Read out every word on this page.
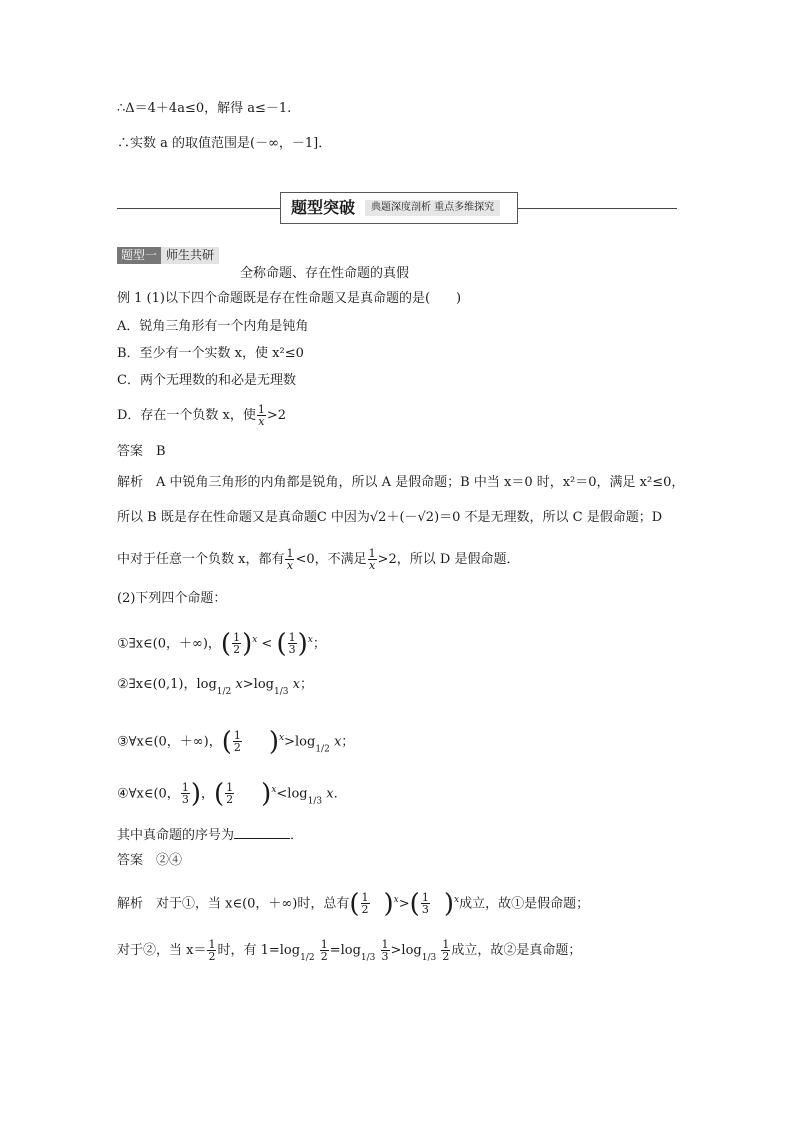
∴Δ＝4＋4a≤0，解得 a≤－1.
∴实数 a 的取值范围是(－∞，－1]．
题型突破	典题深度剖析 重点多维探究
题型一 师生共研
全称命题、存在性命题的真假
例 1 (1)以下四个命题既是存在性命题又是真命题的是(　　)
A．锐角三角形有一个内角是钝角
B．至少有一个实数 x，使 x²≤0
C．两个无理数的和必是无理数
D．存在一个负数 x，使 $\frac{1}{x} >2$
答案　B
解析　A 中锐角三角形的内角都是锐角，所以 A 是假命题；B 中当 x＝0 时，x²＝0，满足 x²≤0，
所以 B 既是存在性命题又是真命题C 中因为√2＋(－√2)＝0 不是无理数，所以 C 是假命题；D
中对于任意一个负数 x，都有 $\frac{1}{x} <0$，不满足 $\frac{1}{x} >2$，所以 D 是假命题．
(2)下列四个命题：
①∃x∈(0，＋∞)，( $\frac{1}{2} )^x$ < ( $\frac{1}{3} )^x$；
②∃x∈(0,1)，$\log_{1/2} x>\log_{1/3}$ x；
③∀x∈(0，＋∞)，( $\frac{1}{2}$
　　 )$^x>\log_{1/2}$ x；
④∀x∈(0， $\frac{1}{3}$ )，( $\frac{1}{2}$
　　 )$^x<\log_{1/3}$ x.
其中真命题的序号为	．
答案　②④
解析　对于①，当 x∈(0，＋∞)时，总有( $\frac{1}{2}$
　 )$^x>( \frac{1}{3}$
　 )$^x$成立，故①是假命题；
对于②，当 $x= \frac{1}{2}$ 时，有 $1=\log_{1/2} \frac{1}{2} =\log_{1/3} \frac{1}{3} >\log_{1/3} \frac{1}{2}$ 成立，故②是真命题；
